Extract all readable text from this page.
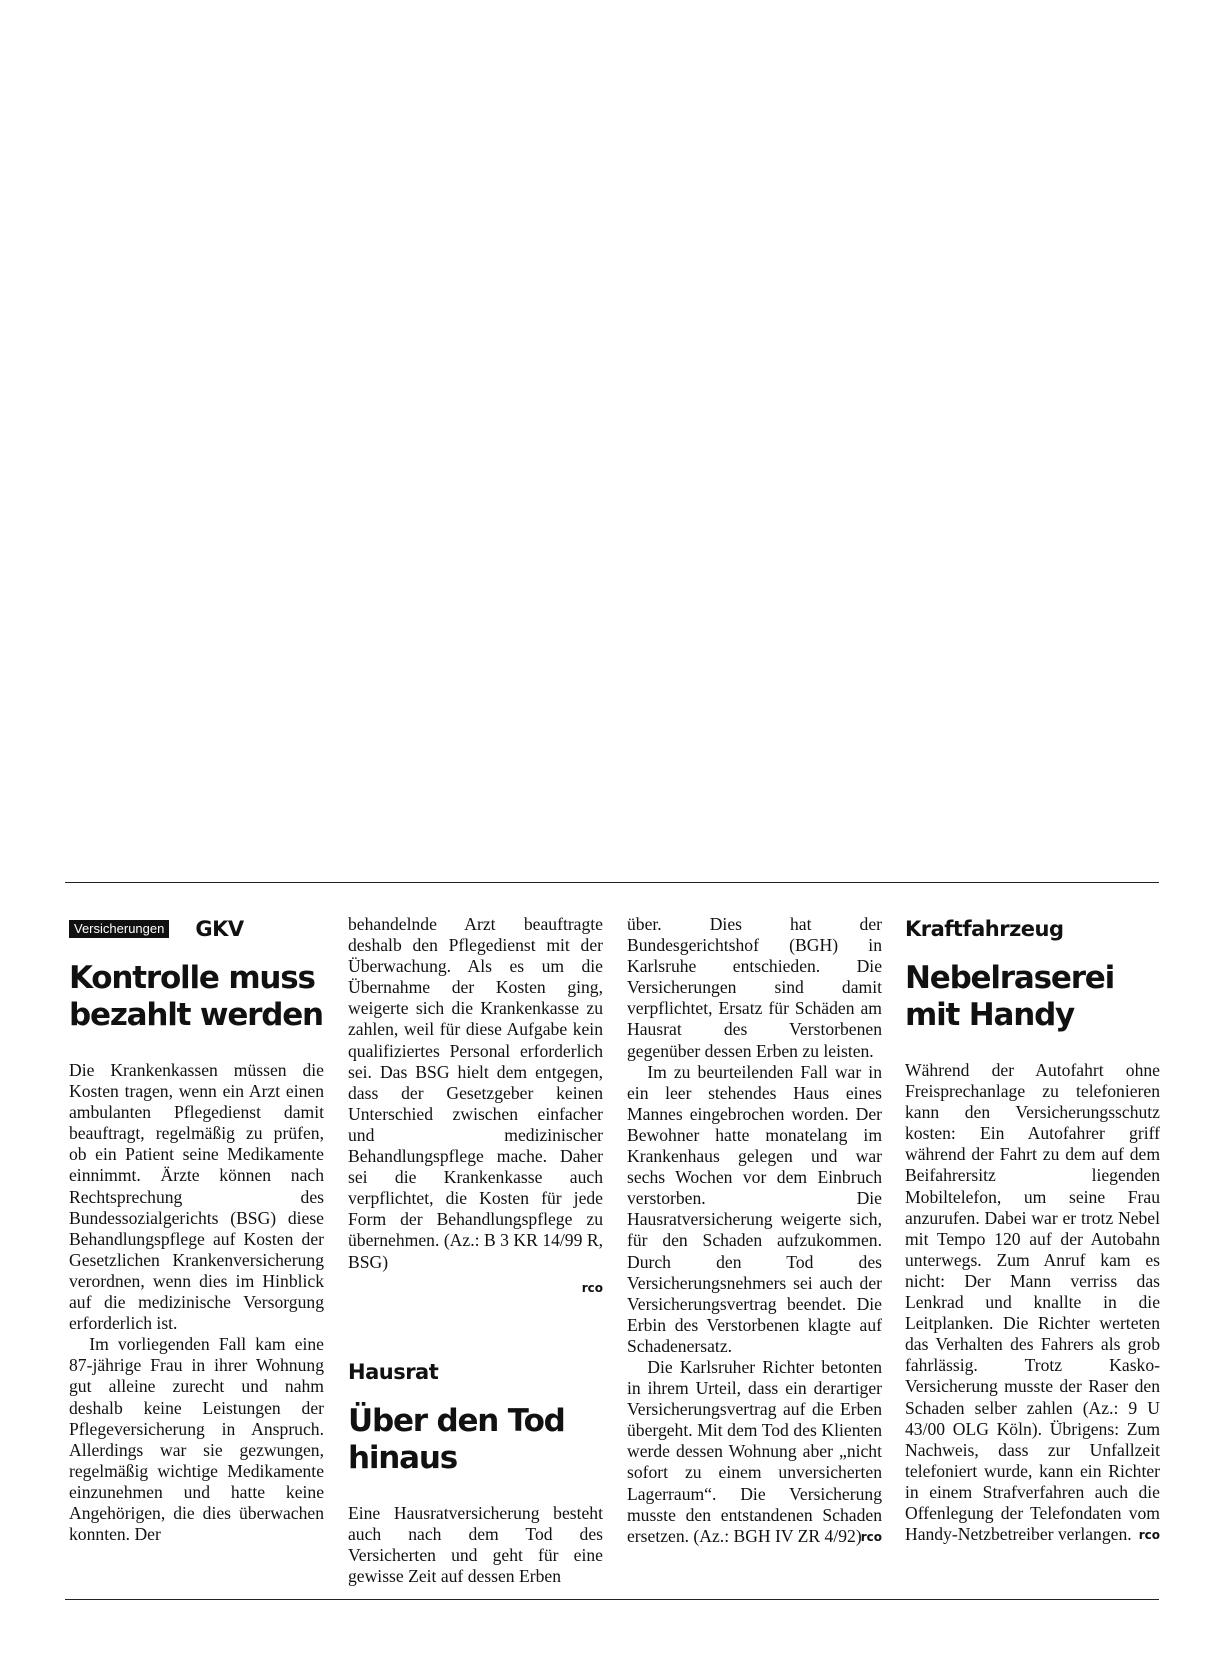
Versicherungen GKV
Kontrolle muss bezahlt werden

Die Krankenkassen müssen die Kosten tragen, wenn ein Arzt einen ambulanten Pflegedienst damit beauftragt, regelmäßig zu prüfen, ob ein Patient seine Medikamente einnimmt. Ärzte können nach Rechtsprechung des Bundessozialgerichts (BSG) diese Behandlungspflege auf Kosten der Gesetzlichen Krankenversicherung verordnen, wenn dies im Hinblick auf die medizinische Versorgung erforderlich ist.

Im vorliegenden Fall kam eine 87-jährige Frau in ihrer Wohnung gut alleine zurecht und nahm deshalb keine Leistungen der Pflegeversicherung in Anspruch. Allerdings war sie gezwungen, regelmäßig wichtige Medikamente einzunehmen und hatte keine Angehörigen, die dies überwachen konnten. Der

behandelnde Arzt beauftragte deshalb den Pflegedienst mit der Überwachung. Als es um die Übernahme der Kosten ging, weigerte sich die Krankenkasse zu zahlen, weil für diese Aufgabe kein qualifiziertes Personal erforderlich sei. Das BSG hielt dem entgegen, dass der Gesetzgeber keinen Unterschied zwischen einfacher und medizinischer Behandlungspflege mache. Daher sei die Krankenkasse auch verpflichtet, die Kosten für jede Form der Behandlungspflege zu übernehmen. (Az.: B 3 KR 14/99 R, BSG)

rco
Hausrat
Über den Tod hinaus

Eine Hausratversicherung besteht auch nach dem Tod des Versicherten und geht für eine gewisse Zeit auf dessen Erben

über. Dies hat der Bundesgerichtshof (BGH) in Karlsruhe entschieden. Die Versicherungen sind damit verpflichtet, Ersatz für Schäden am Hausrat des Verstorbenen gegenüber dessen Erben zu leisten.

Im zu beurteilenden Fall war in ein leer stehendes Haus eines Mannes eingebrochen worden. Der Bewohner hatte monatelang im Krankenhaus gelegen und war sechs Wochen vor dem Einbruch verstorben. Die Hausratversicherung weigerte sich, für den Schaden aufzukommen. Durch den Tod des Versicherungsnehmers sei auch der Versicherungsvertrag beendet. Die Erbin des Verstorbenen klagte auf Schadenersatz.

Die Karlsruher Richter betonten in ihrem Urteil, dass ein derartiger Versicherungsvertrag auf die Erben übergeht. Mit dem Tod des Klienten werde dessen Wohnung aber „nicht sofort zu einem unversicherten Lagerraum“. Die Versicherung musste den entstandenen Schaden ersetzen. (Az.: BGH IV ZR 4/92) rco
Kraftfahrzeug
Nebelraserei mit Handy

Während der Autofahrt ohne Freisprechanlage zu telefonieren kann den Versicherungsschutz kosten: Ein Autofahrer griff während der Fahrt zu dem auf dem Beifahrersitz liegenden Mobiltelefon, um seine Frau anzurufen. Dabei war er trotz Nebel mit Tempo 120 auf der Autobahn unterwegs. Zum Anruf kam es nicht: Der Mann verriss das Lenkrad und knallte in die Leitplanken. Die Richter werteten das Verhalten des Fahrers als grob fahrlässig. Trotz Kasko-Versicherung musste der Raser den Schaden selber zahlen (Az.: 9 U 43/00 OLG Köln). Übrigens: Zum Nachweis, dass zur Unfallzeit telefoniert wurde, kann ein Richter in einem Strafverfahren auch die Offenlegung der Telefondaten vom Handy-Netzbetreiber verlangen. rco
